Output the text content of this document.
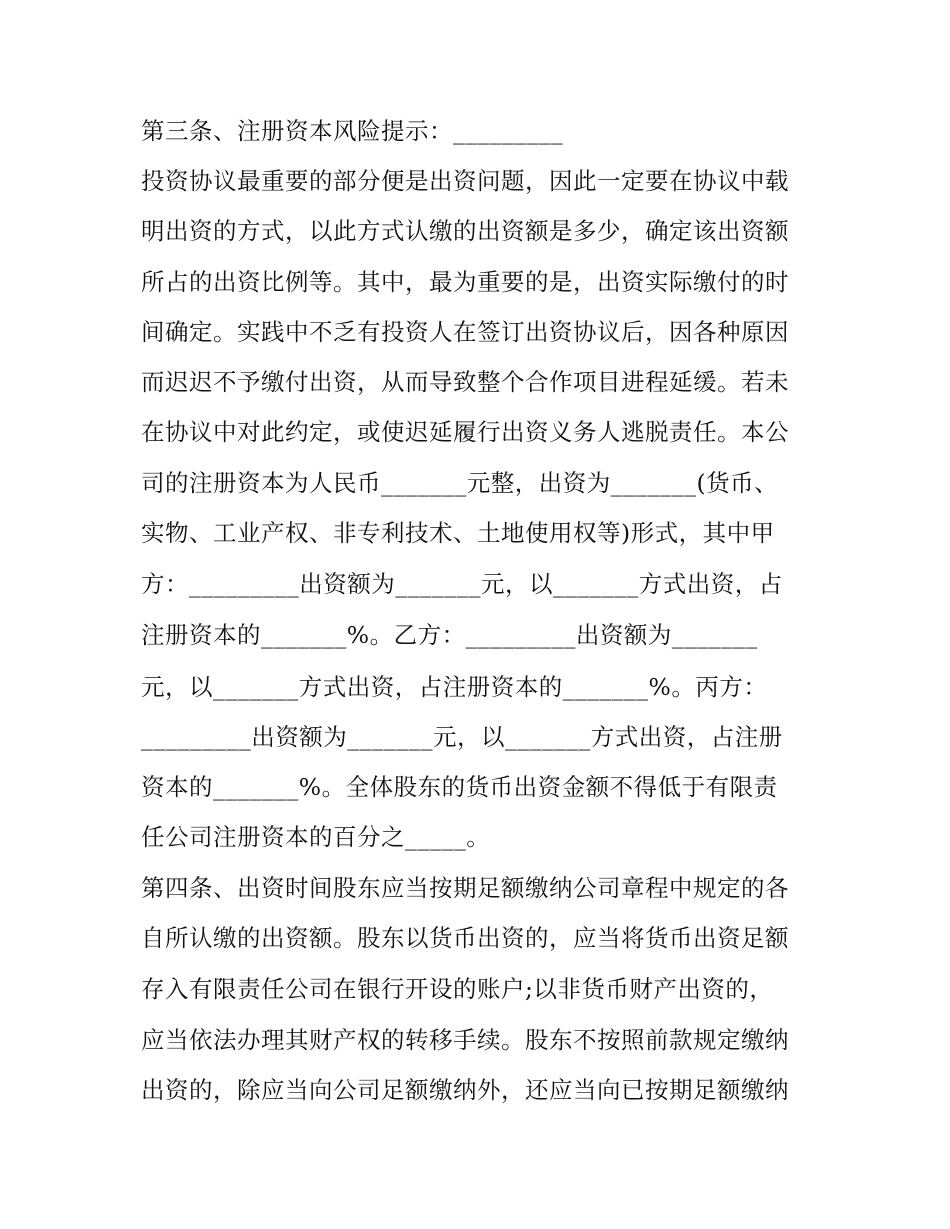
第三条、注册资本风险提示：_________
投资协议最重要的部分便是出资问题，因此一定要在协议中载
明出资的方式，以此方式认缴的出资额是多少，确定该出资额
所占的出资比例等。其中，最为重要的是，出资实际缴付的时
间确定。实践中不乏有投资人在签订出资协议后，因各种原因
而迟迟不予缴付出资，从而导致整个合作项目进程延缓。若未
在协议中对此约定，或使迟延履行出资义务人逃脱责任。本公
司的注册资本为人民币_______元整，出资为_______(货币、
实物、工业产权、非专利技术、土地使用权等)形式，其中甲
方：_________出资额为_______元，以_______方式出资，占
注册资本的_______%。乙方：_________出资额为_______
元，以_______方式出资，占注册资本的_______%。丙方：
_________出资额为_______元，以_______方式出资，占注册
资本的_______%。全体股东的货币出资金额不得低于有限责
任公司注册资本的百分之_____。
第四条、出资时间股东应当按期足额缴纳公司章程中规定的各
自所认缴的出资额。股东以货币出资的，应当将货币出资足额
存入有限责任公司在银行开设的账户;以非货币财产出资的，
应当依法办理其财产权的转移手续。股东不按照前款规定缴纳
出资的，除应当向公司足额缴纳外，还应当向已按期足额缴纳
